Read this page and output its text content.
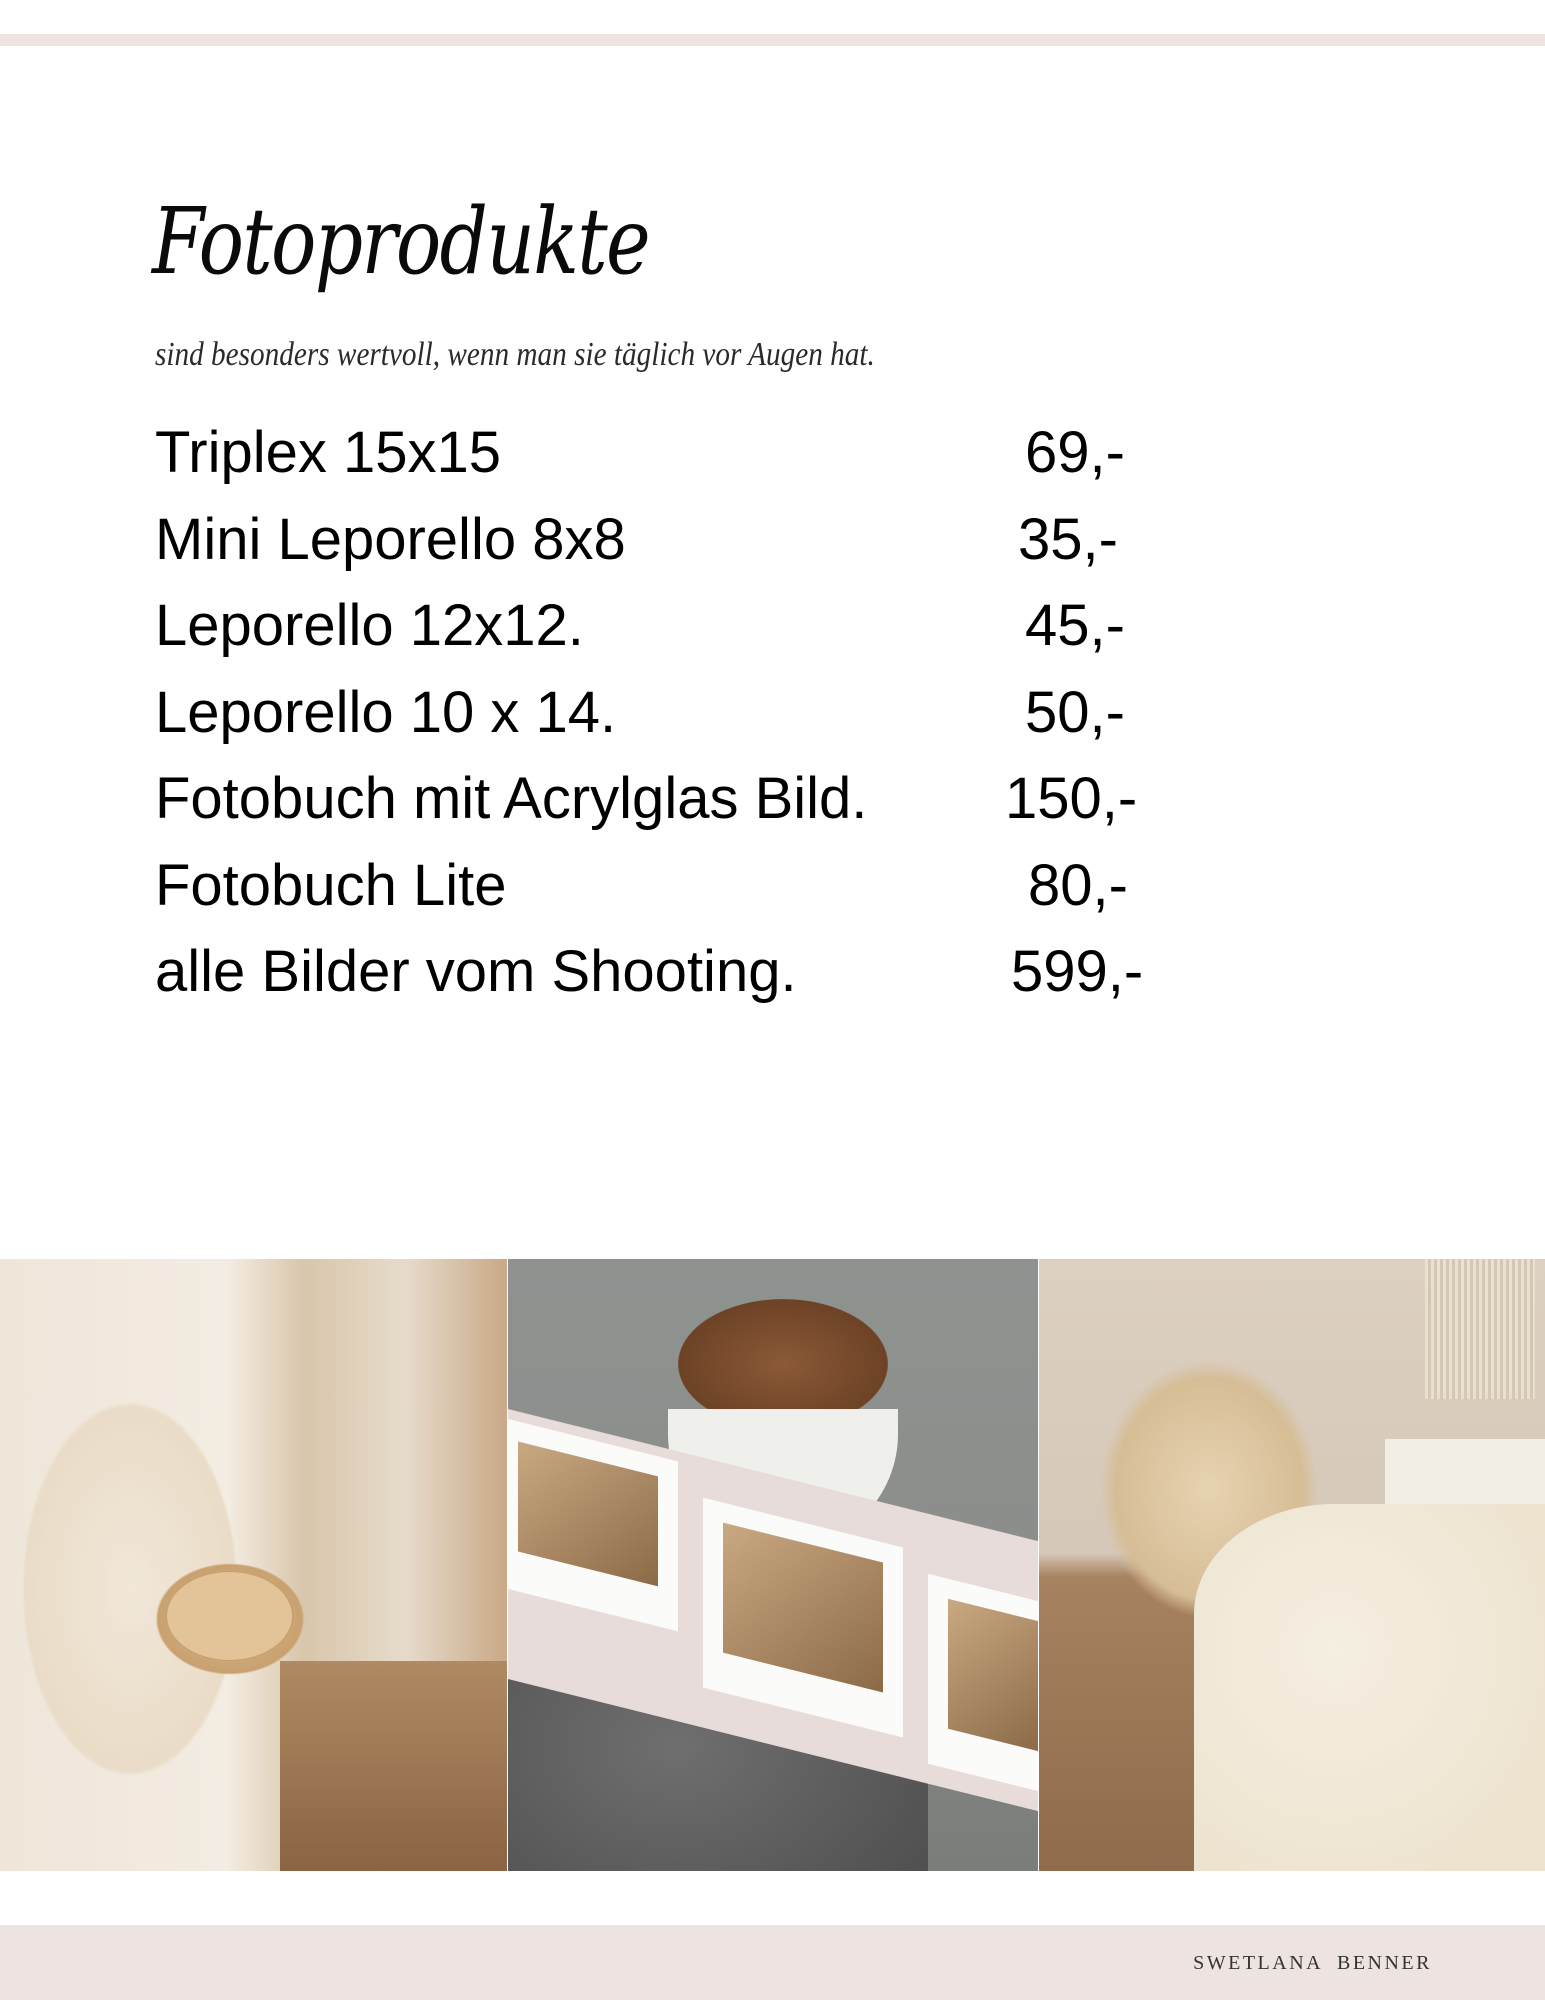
Fotoprodukte
sind besonders wertvoll, wenn man sie täglich vor Augen hat.
Triplex 15x15	69,-
Mini Leporello 8x8	35,-
Leporello 12x12.	45,-
Leporello 10 x 14.	50,-
Fotobuch mit Acrylglas Bild. 150,-
Fotobuch Lite	80,-
alle Bilder vom Shooting.	599,-
SWETLANA  BENNER
